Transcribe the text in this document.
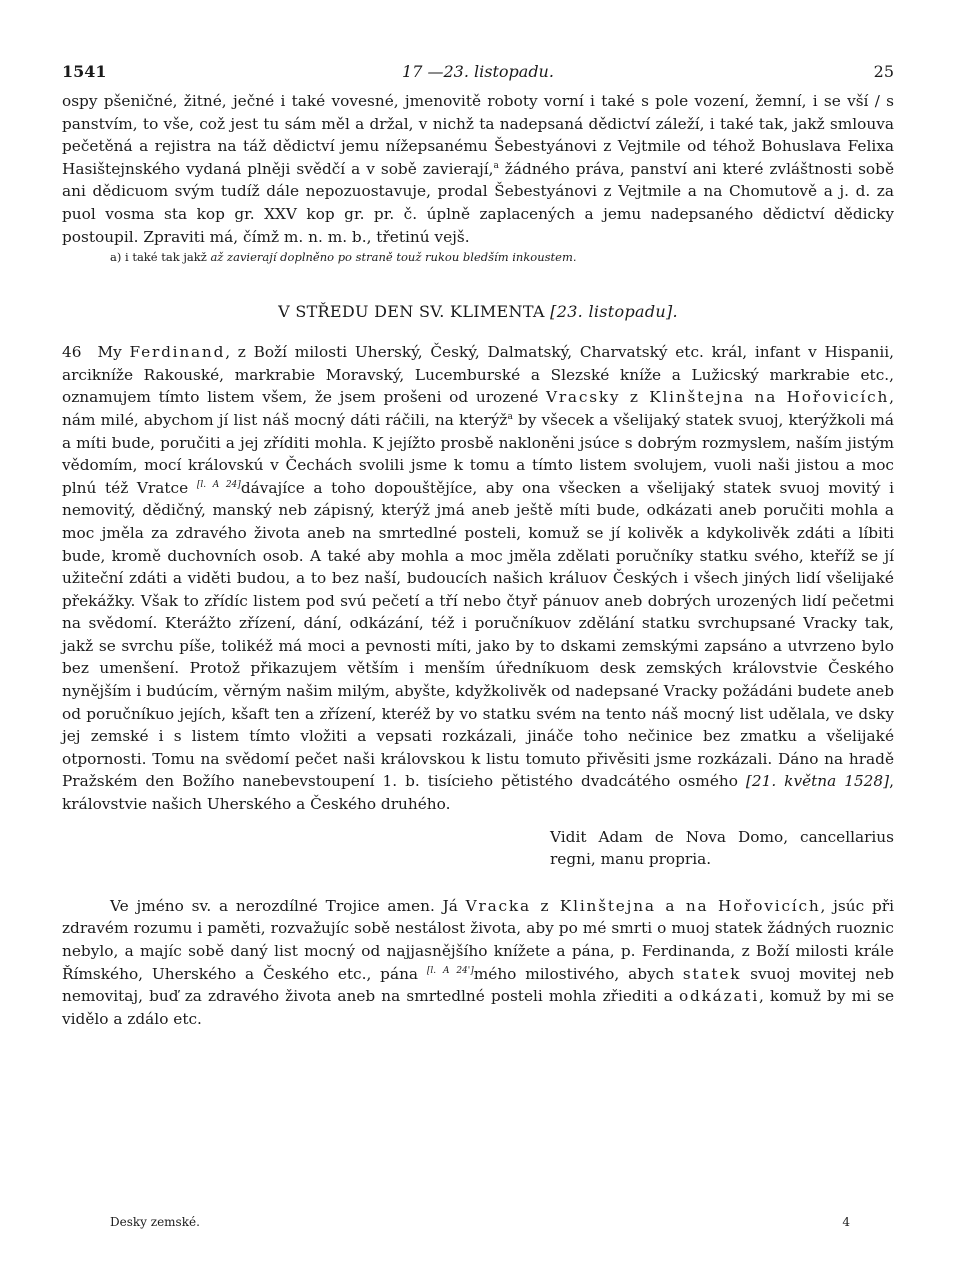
1541	17 —23. listopadu.	25

ospy pšeničné, žitné, ječné i také vovesné, jmenovitě roboty vorní i také s pole vození, žemní, i se vší / s panstvím, to vše, což jest tu sám měl a držal, v nichž ta nadepsaná dědictví záleží, i také tak, jakž smlouva pečetěná a rejistra na táž dědictví jemu nížepsanému Šebestyánovi z Vejtmile od téhož Bohuslava Felixa Hasištejnského vydaná plněji svědčí a v sobě zavierají,$^a$ žádného práva, panství ani které zvláštnosti sobě ani dědicuom svým tudíž dále nepozuostavuje, prodal Šebestyánovi z Vejtmile a na Chomutově a j. d. za puol vosma sta kop gr. XXV kop gr. pr. č. úplně zaplacených a jemu nadepsaného dědictví dědicky postoupil. Zpraviti má, čímž m. n. m. b., třetinú vejš.

a) i také tak jakž až zavierají doplněno po straně touž rukou bledším inkoustem.
V STŘEDU DEN SV. KLIMENTA [23. listopadu].

46 My Ferdinand, z Boží milosti Uherský, Český, Dalmatský, Charvatský etc. král, infant v Hispanii, arcikníže Rakouské, markrabie Moravský, Lucemburské a Slezské kníže a Lužicský markrabie etc., oznamujem tímto listem všem, že jsem prošeni od urozené Vracsky z Klinštejna na Hořovicích, nám milé, abychom jí list náš mocný dáti ráčili, na kterýž$^a$ by všecek a všelijaký statek svuoj, kterýžkoli má a míti bude, poručiti a jej zříditi mohla. K jejížto prosbě nakloněni jsúce s dobrým rozmyslem, naším jistým vědomím, mocí královskú v Čechách svolili jsme k tomu a tímto listem svolujem, vuoli naši jistou a moc plnú též Vratce [l. A 24]dávajíce a toho dopouštějíce, aby ona všecken a všelijaký statek svuoj movitý i nemovitý, dědičný, manský neb zápisný, kterýž jmá aneb ještě míti bude, odkázati aneb poručiti mohla a moc jměla za zdravého života aneb na smrtedlné posteli, komuž se jí kolivěk a kdykolivěk zdáti a líbiti bude, kromě duchovních osob. A také aby mohla a moc jměla zdělati poručníky statku svého, kteříž se jí užiteční zdáti a viděti budou, a to bez naší, budoucích našich králuov Českých i všech jiných lidí všelijaké překážky. Však to zřídíc listem pod svú pečetí a tří nebo čtyř pánuov aneb dobrých urozených lidí pečetmi na svědomí. Kterážto zřízení, dání, odkázání, též i poručníkuov zdělání statku svrchupsané Vracky tak, jakž se svrchu píše, tolikéž má moci a pevnosti míti, jako by to dskami zemskými zapsáno a utvrzeno bylo bez umenšení. Protož přikazujem větším i menším úředníkuom desk zemských královstvie Českého nynějším i budúcím, věrným našim milým, abyšte, kdyžkolivěk od nadepsané Vracky požádáni budete aneb od poručníkuo jejích, kšaft ten a zřízení, kteréž by vo statku svém na tento náš mocný list udělala, ve dsky jej zemské i s listem tímto vložiti a vepsati rozkázali, jináče toho nečinice bez zmatku a všelijaké otpornosti. Tomu na svědomí pečet naši královskou k listu tomuto přivěsiti jsme rozkázali. Dáno na hradě Pražském den Božího nanebevstoupení 1. b. tisícieho pětistého dvadcátého osmého [21. května 1528], královstvie našich Uherského a Českého druhého.

Vidit Adam de Nova Domo, cancellarius regni, manu propria.

Ve jméno sv. a nerozdílné Trojice amen. Já Vracka z Klinštejna a na Hořovicích, jsúc při zdravém rozumu i paměti, rozvažujíc sobě nestálost života, aby po mé smrti o muoj statek žádných ruoznic nebylo, a majíc sobě daný list mocný od najjasnějšího knížete a pána, p. Ferdinanda, z Boží milosti krále Římského, Uherského a Českého etc., pána [l. A 24']mého milostivého, abych statek svuoj movitej neb nemovitaj, buď za zdravého života aneb na smrtedlné posteli mohla zřiediti a odkázati, komuž by mi se vidělo a zdálo etc.

Desky zemské.	4
